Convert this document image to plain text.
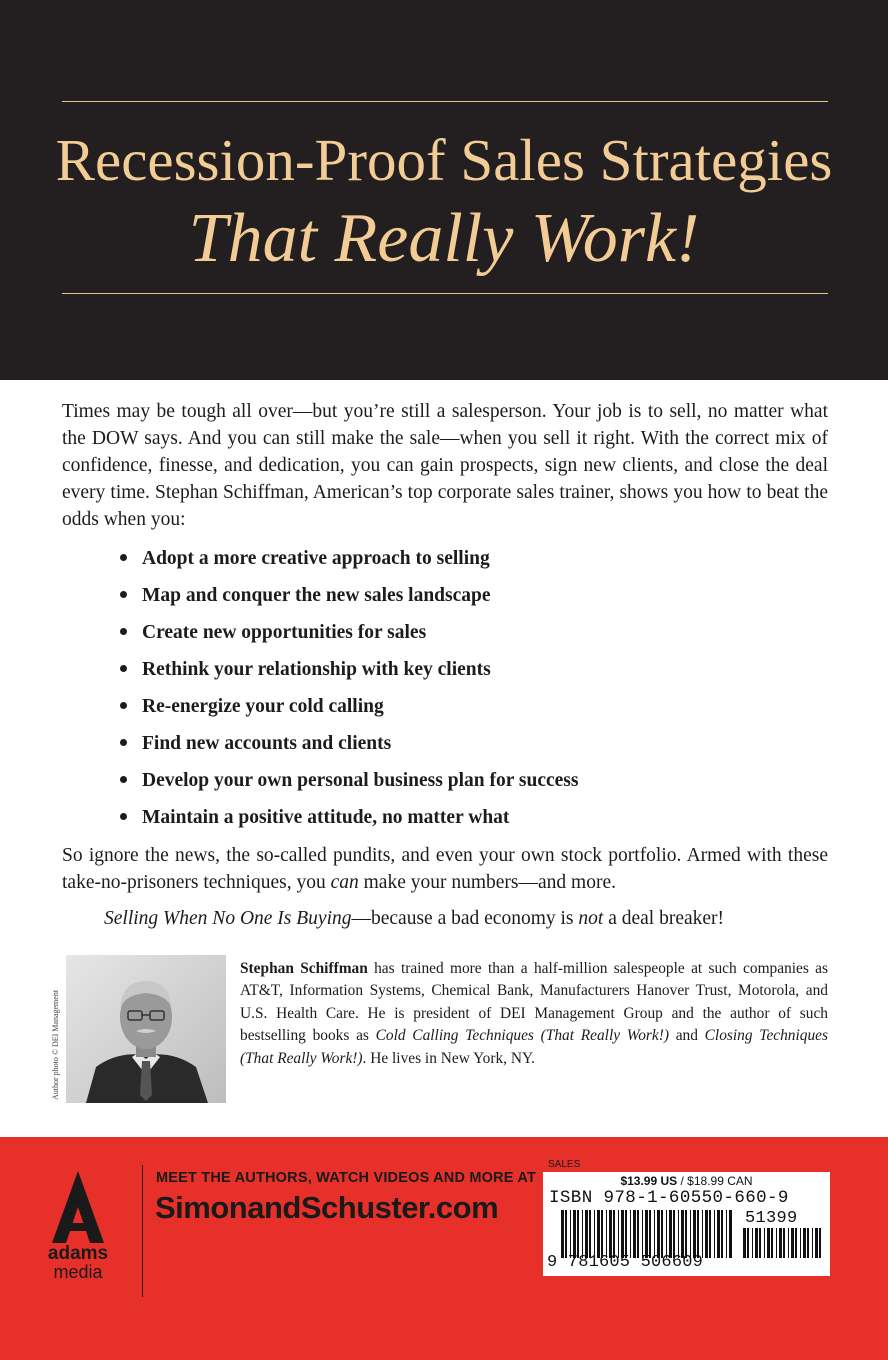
Recession-Proof Sales Strategies
That Really Work!

Times may be tough all over—but you’re still a salesperson. Your job is to sell, no matter what the DOW says. And you can still make the sale—when you sell it right. With the correct mix of confidence, finesse, and dedication, you can gain prospects, sign new clients, and close the deal every time. Stephan Schiffman, American’s top corporate sales trainer, shows you how to beat the odds when you:

Adopt a more creative approach to selling
Map and conquer the new sales landscape
Create new opportunities for sales
Rethink your relationship with key clients
Re-energize your cold calling
Find new accounts and clients
Develop your own personal business plan for success
Maintain a positive attitude, no matter what

So ignore the news, the so-called pundits, and even your own stock portfolio. Armed with these take-no-prisoners techniques, you can make your numbers—and more.

Selling When No One Is Buying—because a bad economy is not a deal breaker!

Author photo © DEI Management

Stephan Schiffman has trained more than a half-million salespeople at such companies as AT&T, Information Systems, Chemical Bank, Manufacturers Hanover Trust, Motorola, and U.S. Health Care. He is president of DEI Management Group and the author of such bestselling books as Cold Calling Techniques (That Really Work!) and Closing Techniques (That Really Work!). He lives in New York, NY.

adams
media
MEET THE AUTHORS, WATCH VIDEOS AND MORE AT
SimonandSchuster.com
SALES
$13.99 US / $18.99 CAN
ISBN 978-1-60550-660-9
51399
9 781605 506609
